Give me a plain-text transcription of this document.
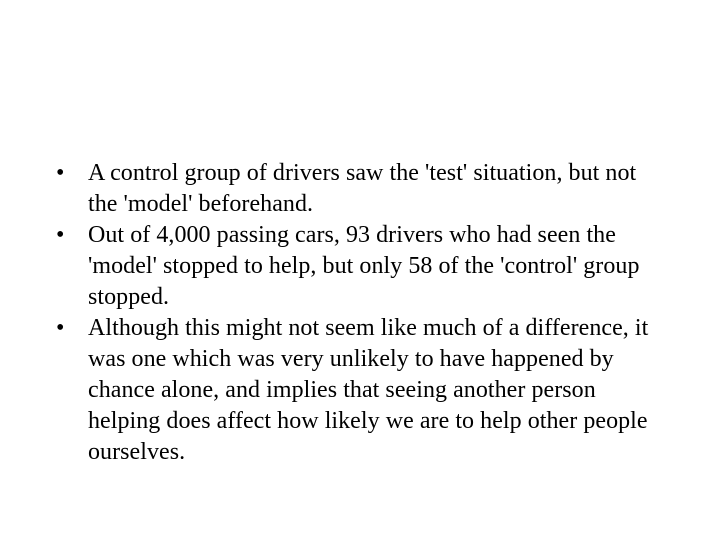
• A control group of drivers saw the 'test' situation, but not the 'model' beforehand.
• Out of 4,000 passing cars, 93 drivers who had seen the 'model' stopped to help, but only 58 of the 'control' group stopped.
• Although this might not seem like much of a difference, it was one which was very unlikely to have happened by chance alone, and implies that seeing another person helping does affect how likely we are to help other people ourselves.
